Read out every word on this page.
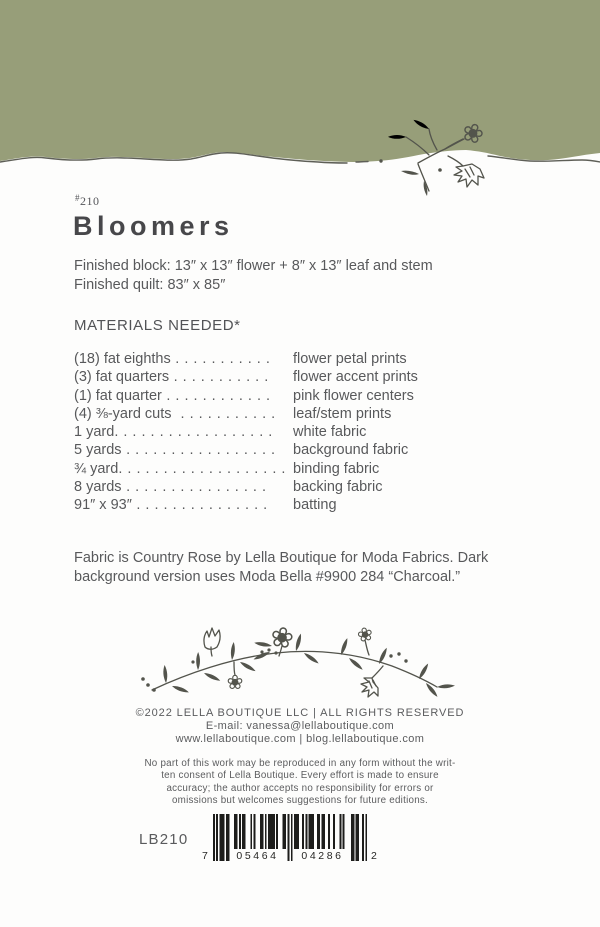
❀
#210
Bloomers
Finished block: 13″ x 13″ flower + 8″ x 13″ leaf and stem
Finished quilt: 83″ x 85″
MATERIALS NEEDED*
(18) fat eighths . . . . . . . . . . .	flower petal prints
(3) fat quarters . . . . . . . . . . .	flower accent prints
(1) fat quarter . . . . . . . . . . . .	pink flower centers
(4) ⅜-yard cuts  . . . . . . . . . . .	leaf/stem prints
1 yard. . . . . . . . . . . . . . . . . .	white fabric
5 yards . . . . . . . . . . . . . . . . .	background fabric
¾ yard. . . . . . . . . . . . . . . . . . . binding fabric
8 yards . . . . . . . . . . . . . . . .	backing fabric
91″ x 93″ . . . . . . . . . . . . . . .	batting

Fabric is Country Rose by Lella Boutique for Moda Fabrics. Dark background version uses Moda Bella #9900 284 “Charcoal.”

❀
❀
❀
©2022 LELLA BOUTIQUE LLC | ALL RIGHTS RESERVED
E-mail: vanessa@lellaboutique.com
www.lellaboutique.com | blog.lellaboutique.com
No part of this work may be reproduced in any form without the writ-
ten consent of Lella Boutique. Every effort is made to ensure
accuracy; the author accepts no responsibility for errors or
omissions but welcomes suggestions for future editions.
LB210
7	05464	04286	2
